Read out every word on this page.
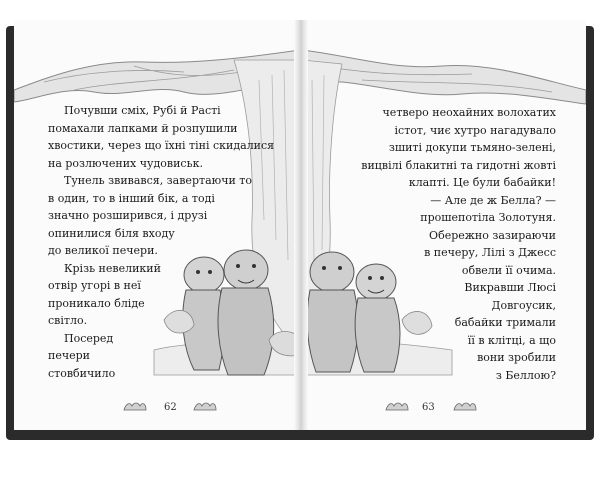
Почувши сміх, Рубі й Расті
помахали лапками й розпушили
хвостики, через що їхні тіні скидалися
на розлючених чудовиськ.
Тунель звивався, завертаючи то
в один, то в інший бік, а тоді
значно розширився, і друзі
опинилися біля входу
до великої печери.
Крізь невеликий
отвір угорі в неї
проникало бліде
світло.
Посеред
печери
стовбичило
62
четверо неохайних волохатих
істот, чиє хутро нагадувало
зшиті докупи тьмяно-зелені,
вицвілі блакитні та гидотні жовті
клапті. Це були бабайки!
— Але де ж Белла? —
прошепотіла Золотуня.
Обережно зазираючи
в печеру, Лілі з Джесс
обвели її очима.
Викравши Люсі
Довгоусик,
бабайки тримали
її в клітці, а що
вони зробили
з Беллою?
63
